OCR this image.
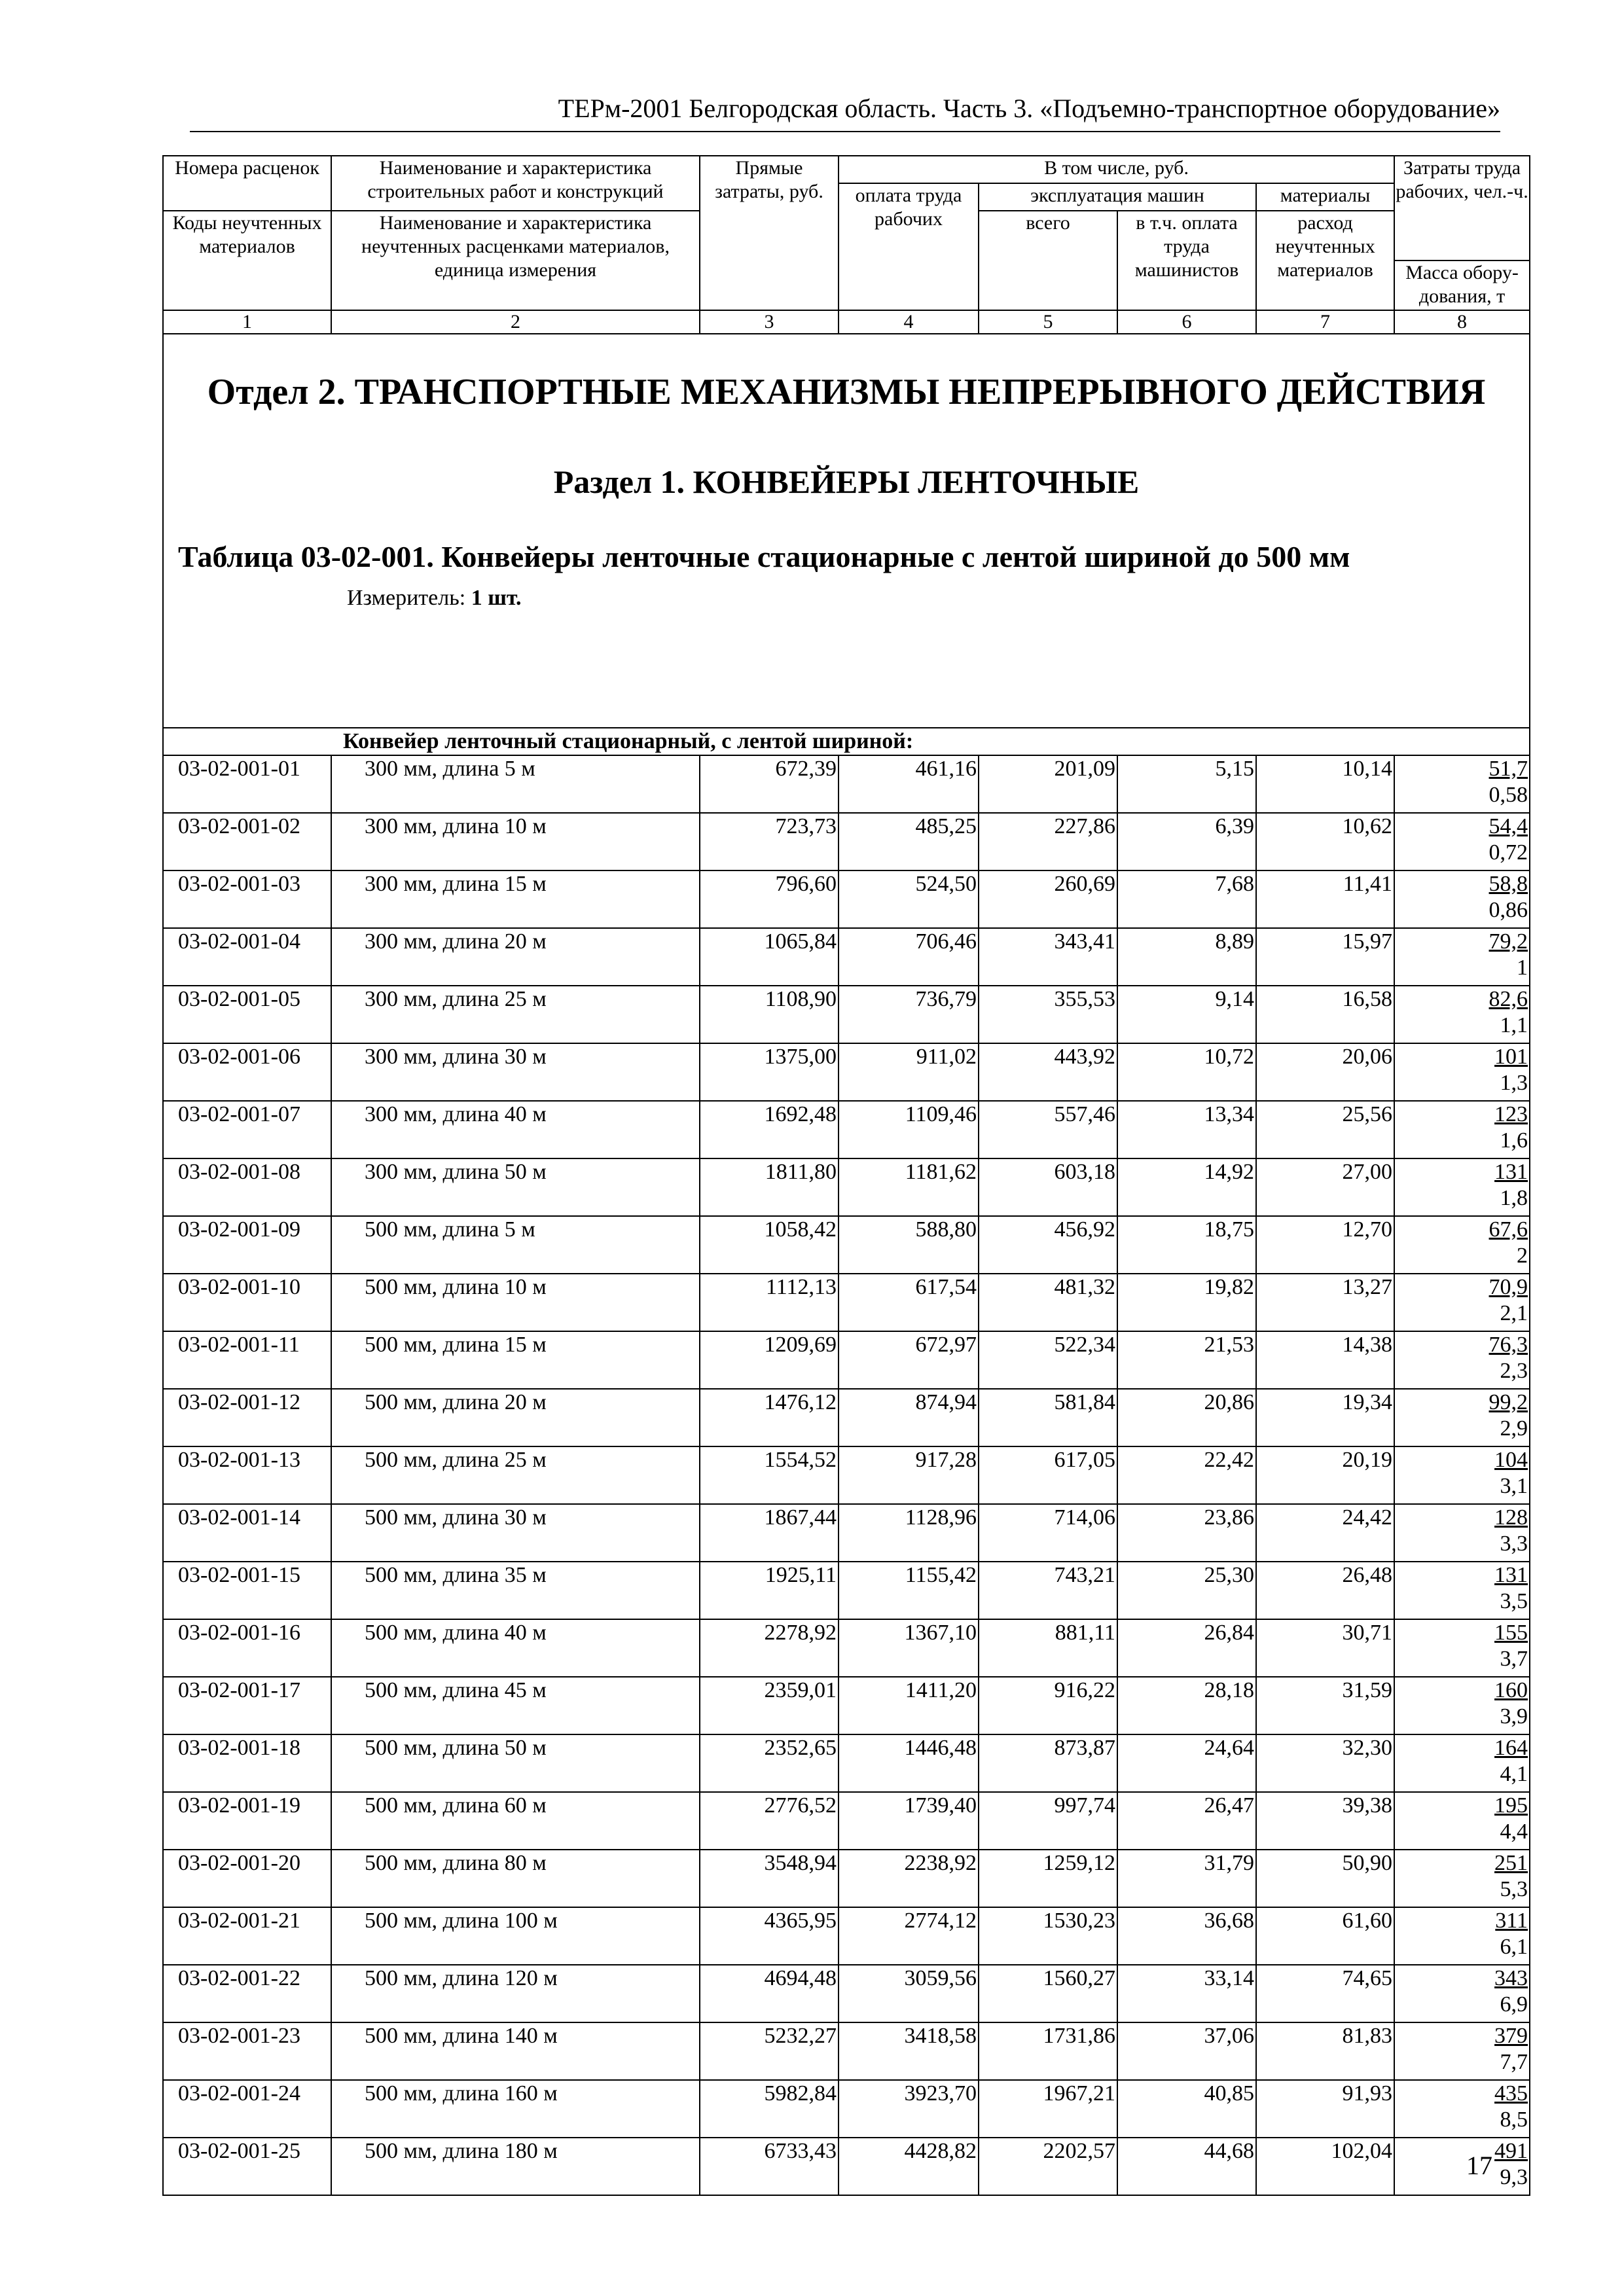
ТЕРм-2001 Белгородская область. Часть 3. «Подъемно-транспортное оборудование»
Номера расценок	Наименование и характеристика строительных работ и конструкций	Прямые затраты, руб.	В том числе, руб.				Затраты труда рабочих, чел.-ч.
			оплата труда рабочих	эксплуатация машин		материалы	
Коды неучтенных материалов	Наименование и характеристика неучтенных расценками материалов, единица измерения			всего	в т.ч. оплата труда машинистов	расход неучтенных материалов	
							Масса обору-дования, т
1	2	3	4	5	6	7	8

Отдел 2. ТРАНСПОРТНЫЕ МЕХАНИЗМЫ НЕПРЕРЫВНОГО ДЕЙСТВИЯ
Раздел 1. КОНВЕЙЕРЫ ЛЕНТОЧНЫЕ
Таблица 03-02-001. Конвейеры ленточные стационарные с лентой шириной до 500 мм
Измеритель: 1 шт.							

	Конвейер ленточный стационарный, с лентой шириной:						
03-02-001-01	300 мм, длина 5 м	672,39	461,16	201,09	5,15	10,14	51,7
0,58

03-02-001-02	300 мм, длина 10 м	723,73	485,25	227,86	6,39	10,62	54,4
0,72

03-02-001-03	300 мм, длина 15 м	796,60	524,50	260,69	7,68	11,41	58,8
0,86

03-02-001-04	300 мм, длина 20 м	1065,84	706,46	343,41	8,89	15,97	79,2
1

03-02-001-05	300 мм, длина 25 м	1108,90	736,79	355,53	9,14	16,58	82,6
1,1

03-02-001-06	300 мм, длина 30 м	1375,00	911,02	443,92	10,72	20,06	101
1,3

03-02-001-07	300 мм, длина 40 м	1692,48	1109,46	557,46	13,34	25,56	123
1,6

03-02-001-08	300 мм, длина 50 м	1811,80	1181,62	603,18	14,92	27,00	131
1,8

03-02-001-09	500 мм, длина 5 м	1058,42	588,80	456,92	18,75	12,70	67,6
2

03-02-001-10	500 мм, длина 10 м	1112,13	617,54	481,32	19,82	13,27	70,9
2,1

03-02-001-11	500 мм, длина 15 м	1209,69	672,97	522,34	21,53	14,38	76,3
2,3

03-02-001-12	500 мм, длина 20 м	1476,12	874,94	581,84	20,86	19,34	99,2
2,9

03-02-001-13	500 мм, длина 25 м	1554,52	917,28	617,05	22,42	20,19	104
3,1

03-02-001-14	500 мм, длина 30 м	1867,44	1128,96	714,06	23,86	24,42	128
3,3

03-02-001-15	500 мм, длина 35 м	1925,11	1155,42	743,21	25,30	26,48	131
3,5

03-02-001-16	500 мм, длина 40 м	2278,92	1367,10	881,11	26,84	30,71	155
3,7

03-02-001-17	500 мм, длина 45 м	2359,01	1411,20	916,22	28,18	31,59	160
3,9

03-02-001-18	500 мм, длина 50 м	2352,65	1446,48	873,87	24,64	32,30	164
4,1

03-02-001-19	500 мм, длина 60 м	2776,52	1739,40	997,74	26,47	39,38	195
4,4

03-02-001-20	500 мм, длина 80 м	3548,94	2238,92	1259,12	31,79	50,90	251
5,3

03-02-001-21	500 мм, длина 100 м	4365,95	2774,12	1530,23	36,68	61,60	311
6,1

03-02-001-22	500 мм, длина 120 м	4694,48	3059,56	1560,27	33,14	74,65	343
6,9

03-02-001-23	500 мм, длина 140 м	5232,27	3418,58	1731,86	37,06	81,83	379
7,7

03-02-001-24	500 мм, длина 160 м	5982,84	3923,70	1967,21	40,85	91,93	435
8,5

03-02-001-25	500 мм, длина 180 м	6733,43	4428,82	2202,57	44,68	102,04	491
9,3
17
